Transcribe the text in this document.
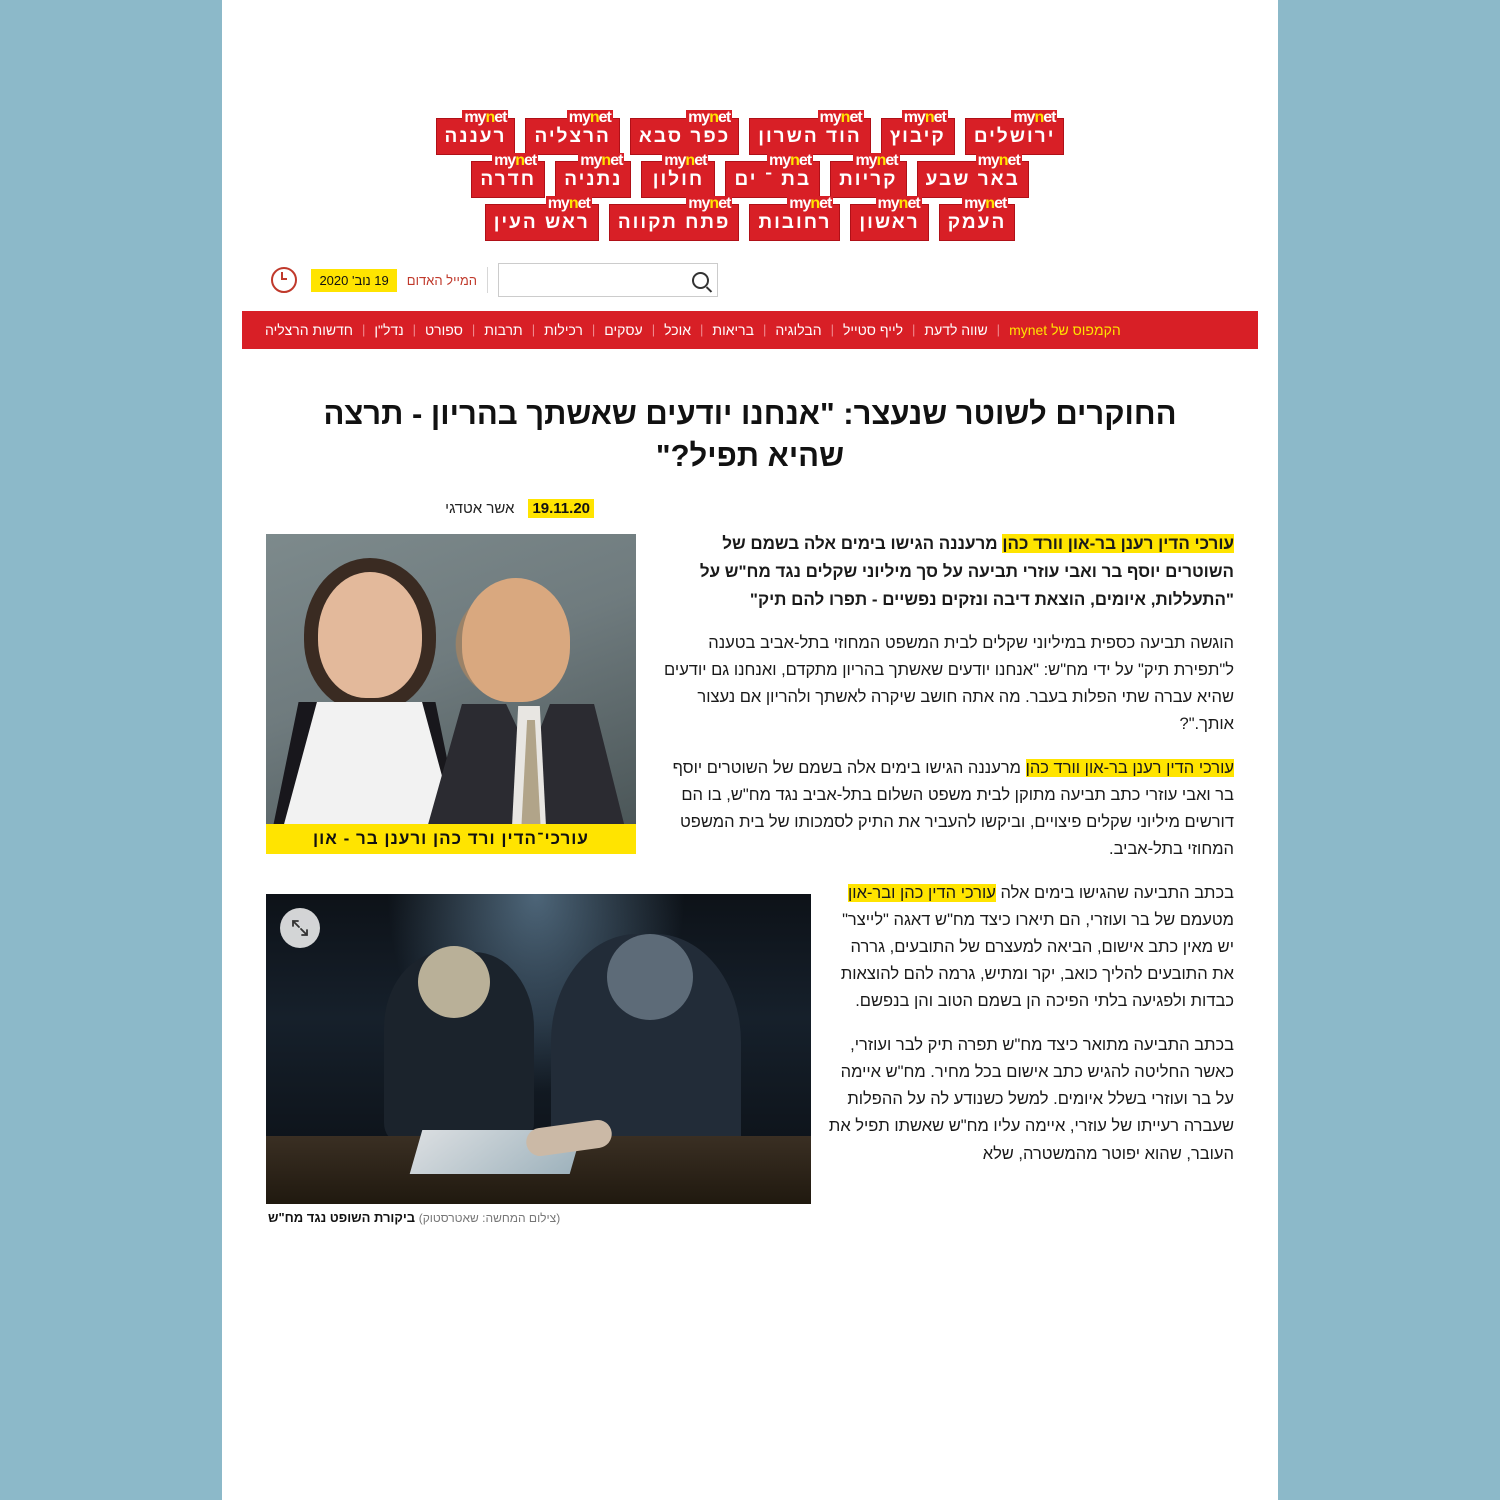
mynet
רעננה
mynet
הרצליה
mynet
כפר סבא
mynet
הוד השרון
mynet
קיבוץ
mynet
ירושלים
mynet
חדרה
mynet
נתניה
mynet
חולון
mynet
בת ־ ים
mynet
קריות
mynet
באר שבע
mynet
ראש העין
mynet
פתח תקווה
mynet
רחובות
mynet
ראשון
mynet
העמק
המייל האדום
19 נוב' 2020
חדשות הרצליה | נדל"ן | ספורט | תרבות | רכילות | עסקים | אוכל | בריאות | הבלוגיה | לייף סטייל | שווה לדעת |	הקמפוס של mynet
החוקרים לשוטר שנעצר: "אנחנו יודעים שאשתך בהריון - תרצה שהיא תפיל?"
19.11.20
אשר אטדגי
עורכי־הדין ורד כהן ורענן בר - און

עורכי הדין רענן בר-און וורד כהן מרעננה הגישו בימים אלה בשמם של השוטרים יוסף בר ואבי עוזרי תביעה על סך מיליוני שקלים נגד מח"ש על "התעללות, איומים, הוצאת דיבה ונזקים נפשיים - תפרו להם תיק"

הוגשה תביעה כספית במיליוני שקלים לבית המשפט המחוזי בתל-אביב בטענה ל"תפירת תיק" על ידי מח"ש: "אנחנו יודעים שאשתך בהריון מתקדם, ואנחנו גם יודעים שהיא עברה שתי הפלות בעבר. מה אתה חושב שיקרה לאשתך ולהריון אם נעצור אותך."?

עורכי הדין רענן בר-און וורד כהן מרעננה הגישו בימים אלה בשמם של השוטרים יוסף בר ואבי עוזרי כתב תביעה מתוקן לבית משפט השלום בתל-אביב נגד מח"ש, בו הם דורשים מיליוני שקלים פיצויים, וביקשו להעביר את התיק לסמכותו של בית המשפט המחוזי בתל-אביב.

(צילום המחשה: שאטרסטוק) ביקורת השופט נגד מח"ש

בכתב התביעה שהגישו בימים אלה עורכי הדין כהן ובר-און מטעמם של בר ועוזרי, הם תיארו כיצד מח"ש דאגה "לייצר" יש מאין כתב אישום, הביאה למעצרם של התובעים, גררה את התובעים להליך כואב, יקר ומתיש, גרמה להם להוצאות כבדות ולפגיעה בלתי הפיכה הן בשמם הטוב והן בנפשם.

בכתב התביעה מתואר כיצד מח"ש תפרה תיק לבר ועוזרי, כאשר החליטה להגיש כתב אישום בכל מחיר. מח"ש איימה על בר ועוזרי בשלל איומים. למשל כשנודע לה על ההפלות שעברה רעייתו של עוזרי, איימה עליו מח"ש שאשתו תפיל את העובר, שהוא יפוטר מהמשטרה, שלא
